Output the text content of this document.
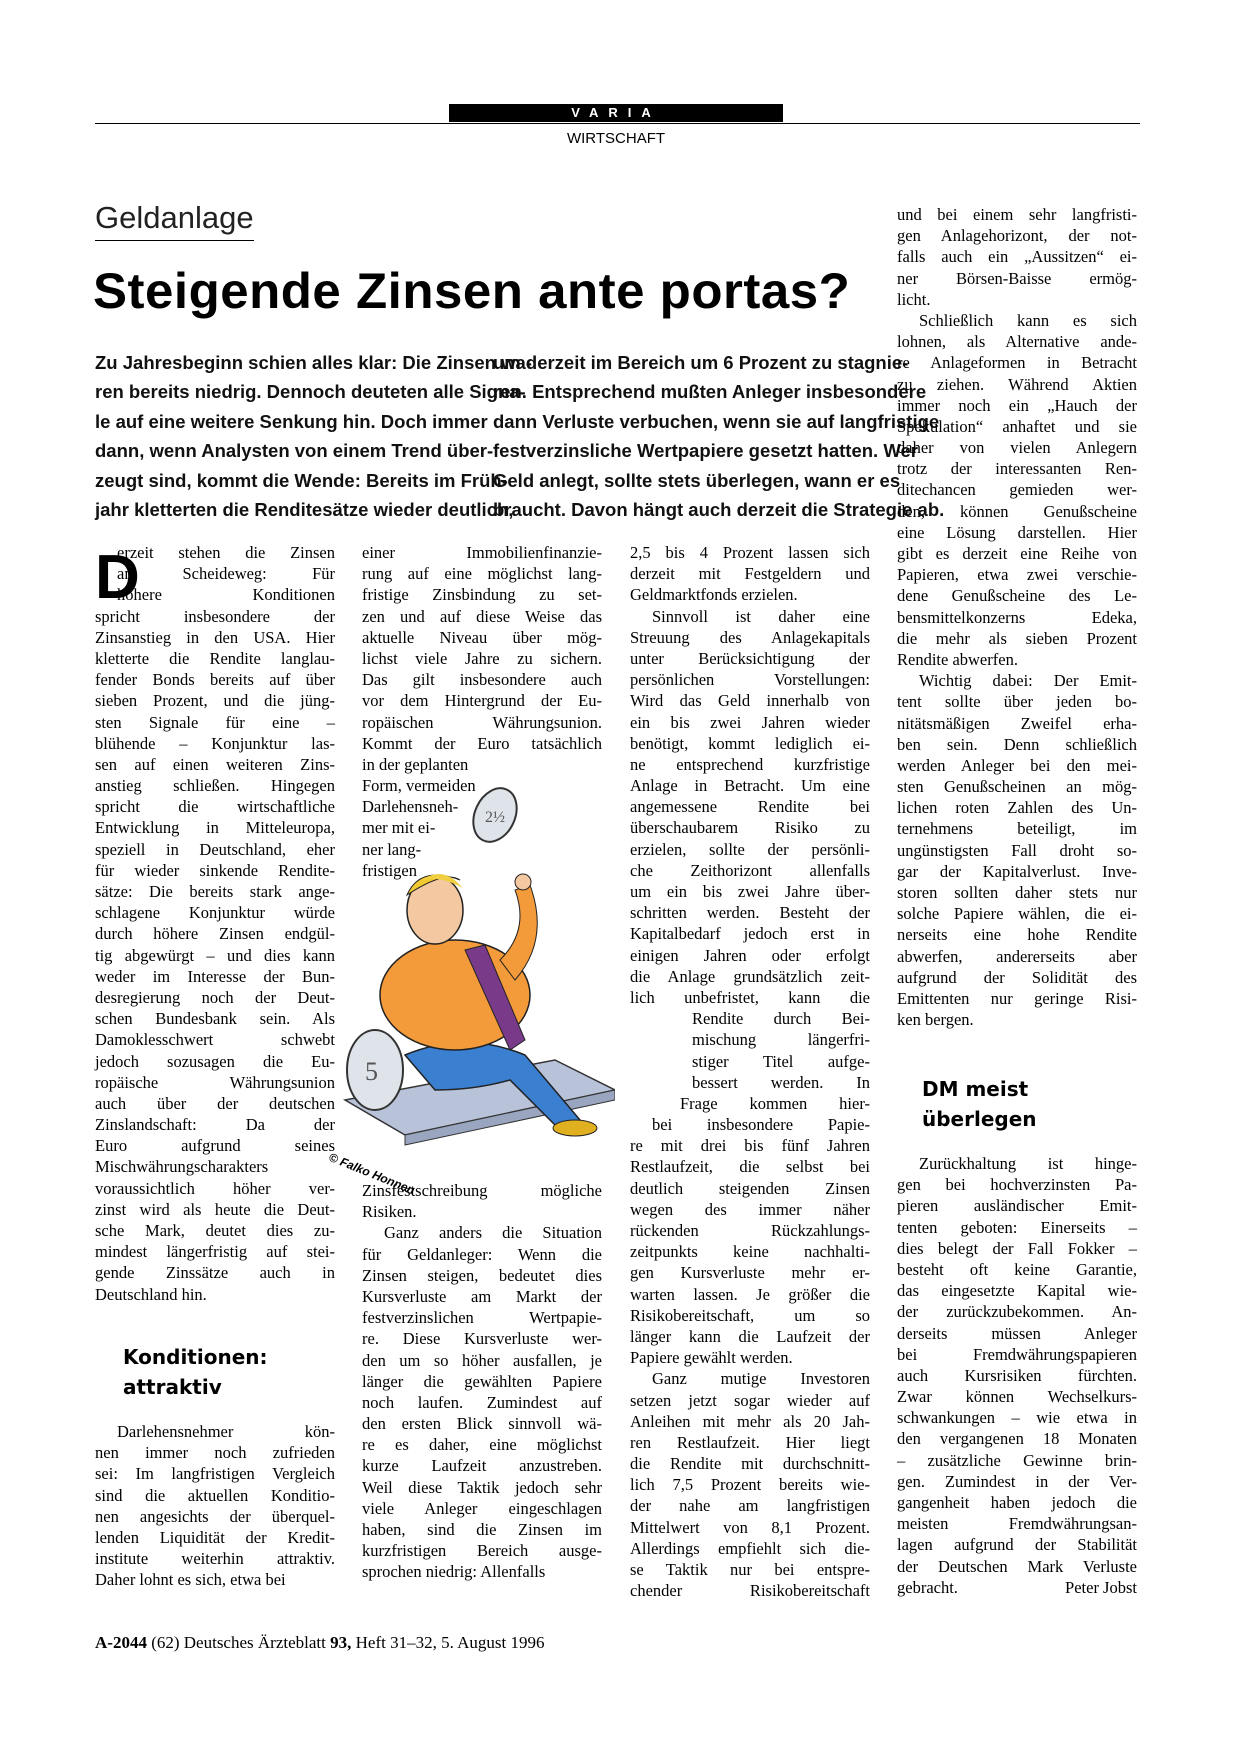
VARIA
WIRTSCHAFT
Geldanlage
Steigende Zinsen ante portas?
Zu Jahresbeginn schien alles klar: Die Zinsen wa-
ren bereits niedrig. Dennoch deuteten alle Signa-
le auf eine weitere Senkung hin. Doch immer
dann, wenn Analysten von einem Trend über-
zeugt sind, kommt die Wende: Bereits im Früh-
jahr kletterten die Renditesätze wieder deutlich,
um derzeit im Bereich um 6 Prozent zu stagnie-
ren. Entsprechend mußten Anleger insbesondere
dann Verluste verbuchen, wenn sie auf langfristige
festverzinsliche Wertpapiere gesetzt hatten. Wer
Geld anlegt, sollte stets überlegen, wann er es
braucht. Davon hängt auch derzeit die Strategie ab.
D
erzeit stehen die Zinsen
am Scheideweg: Für
höhere Konditionen
spricht insbesondere der
Zinsanstieg in den USA. Hier
kletterte die Rendite langlau-
fender Bonds bereits auf über
sieben Prozent, und die jüng-
sten Signale für eine –
blühende – Konjunktur las-
sen auf einen weiteren Zins-
anstieg schließen. Hingegen
spricht die wirtschaftliche
Entwicklung in Mitteleuropa,
speziell in Deutschland, eher
für wieder sinkende Rendite-
sätze: Die bereits stark ange-
schlagene Konjunktur würde
durch höhere Zinsen endgül-
tig abgewürgt – und dies kann
weder im Interesse der Bun-
desregierung noch der Deut-
schen Bundesbank sein. Als
Damoklesschwert schwebt
jedoch sozusagen die Eu-
ropäische Währungsunion
auch über der deutschen
Zinslandschaft: Da der
Euro aufgrund seines
Mischwährungscharakters
voraussichtlich höher ver-
zinst wird als heute die Deut-
sche Mark, deutet dies zu-
mindest längerfristig auf stei-
gende Zinssätze auch in
Deutschland hin.
Konditionen:
attraktiv
Darlehensnehmer kön-
nen immer noch zufrieden
sei: Im langfristigen Vergleich
sind die aktuellen Konditio-
nen angesichts der überquel-
lenden Liquidität der Kredit-
institute weiterhin attraktiv.
Daher lohnt es sich, etwa bei
einer Immobilienfinanzie-
rung auf eine möglichst lang-
fristige Zinsbindung zu set-
zen und auf diese Weise das
aktuelle Niveau über mög-
lichst viele Jahre zu sichern.
Das gilt insbesondere auch
vor dem Hintergrund der Eu-
ropäischen Währungsunion.
Kommt der Euro tatsächlich
in der geplanten
Form, vermeiden
Darlehensneh-
mer mit ei-
ner lang-
fristigen
Zinsfestschreibung mögliche
Risiken.
Ganz anders die Situation
für Geldanleger: Wenn die
Zinsen steigen, bedeutet dies
Kursverluste am Markt der
festverzinslichen Wertpapie-
re. Diese Kursverluste wer-
den um so höher ausfallen, je
länger die gewählten Papiere
noch laufen. Zumindest auf
den ersten Blick sinnvoll wä-
re es daher, eine möglichst
kurze Laufzeit anzustreben.
Weil diese Taktik jedoch sehr
viele Anleger eingeschlagen
haben, sind die Zinsen im
kurzfristigen Bereich ausge-
sprochen niedrig: Allenfalls
5
2½
© Falko Honnen
2,5 bis 4 Prozent lassen sich
derzeit mit Festgeldern und
Geldmarktfonds erzielen.
Sinnvoll ist daher eine
Streuung des Anlagekapitals
unter Berücksichtigung der
persönlichen Vorstellungen:
Wird das Geld innerhalb von
ein bis zwei Jahren wieder
benötigt, kommt lediglich ei-
ne entsprechend kurzfristige
Anlage in Betracht. Um eine
angemessene Rendite bei
überschaubarem Risiko zu
erzielen, sollte der persönli-
che Zeithorizont allenfalls
um ein bis zwei Jahre über-
schritten werden. Besteht der
Kapitalbedarf jedoch erst in
einigen Jahren oder erfolgt
die Anlage grundsätzlich zeit-
lich unbefristet, kann die
Rendite durch Bei-
mischung längerfri-
stiger Titel aufge-
bessert werden. In
Frage kommen hier-
bei insbesondere Papie-
re mit drei bis fünf Jahren
Restlaufzeit, die selbst bei
deutlich steigenden Zinsen
wegen des immer näher
rückenden Rückzahlungs-
zeitpunkts keine nachhalti-
gen Kursverluste mehr er-
warten lassen. Je größer die
Risikobereitschaft, um so
länger kann die Laufzeit der
Papiere gewählt werden.
Ganz mutige Investoren
setzen jetzt sogar wieder auf
Anleihen mit mehr als 20 Jah-
ren Restlaufzeit. Hier liegt
die Rendite mit durchschnitt-
lich 7,5 Prozent bereits wie-
der nahe am langfristigen
Mittelwert von 8,1 Prozent.
Allerdings empfiehlt sich die-
se Taktik nur bei entspre-
chender Risikobereitschaft
und bei einem sehr langfristi-
gen Anlagehorizont, der not-
falls auch ein „Aussitzen“ ei-
ner Börsen-Baisse ermög-
licht.
Schließlich kann es sich
lohnen, als Alternative ande-
re Anlageformen in Betracht
zu ziehen. Während Aktien
immer noch ein „Hauch der
Spekulation“ anhaftet und sie
daher von vielen Anlegern
trotz der interessanten Ren-
ditechancen gemieden wer-
den, können Genußscheine
eine Lösung darstellen. Hier
gibt es derzeit eine Reihe von
Papieren, etwa zwei verschie-
dene Genußscheine des Le-
bensmittelkonzerns Edeka,
die mehr als sieben Prozent
Rendite abwerfen.
Wichtig dabei: Der Emit-
tent sollte über jeden bo-
nitätsmäßigen Zweifel erha-
ben sein. Denn schließlich
werden Anleger bei den mei-
sten Genußscheinen an mög-
lichen roten Zahlen des Un-
ternehmens beteiligt, im
ungünstigsten Fall droht so-
gar der Kapitalverlust. Inve-
storen sollten daher stets nur
solche Papiere wählen, die ei-
nerseits eine hohe Rendite
abwerfen, andererseits aber
aufgrund der Solidität des
Emittenten nur geringe Risi-
ken bergen.
DM meist
überlegen
Zurückhaltung ist hinge-
gen bei hochverzinsten Pa-
pieren ausländischer Emit-
tenten geboten: Einerseits –
dies belegt der Fall Fokker –
besteht oft keine Garantie,
das eingesetzte Kapital wie-
der zurückzubekommen. An-
derseits müssen Anleger
bei Fremdwährungspapieren
auch Kursrisiken fürchten.
Zwar können Wechselkurs-
schwankungen – wie etwa in
den vergangenen 18 Monaten
– zusätzliche Gewinne brin-
gen. Zumindest in der Ver-
gangenheit haben jedoch die
meisten Fremdwährungsan-
lagen aufgrund der Stabilität
der Deutschen Mark Verluste
gebracht.	Peter Jobst
A-2044 (62) Deutsches Ärzteblatt 93, Heft 31–32, 5. August 1996
